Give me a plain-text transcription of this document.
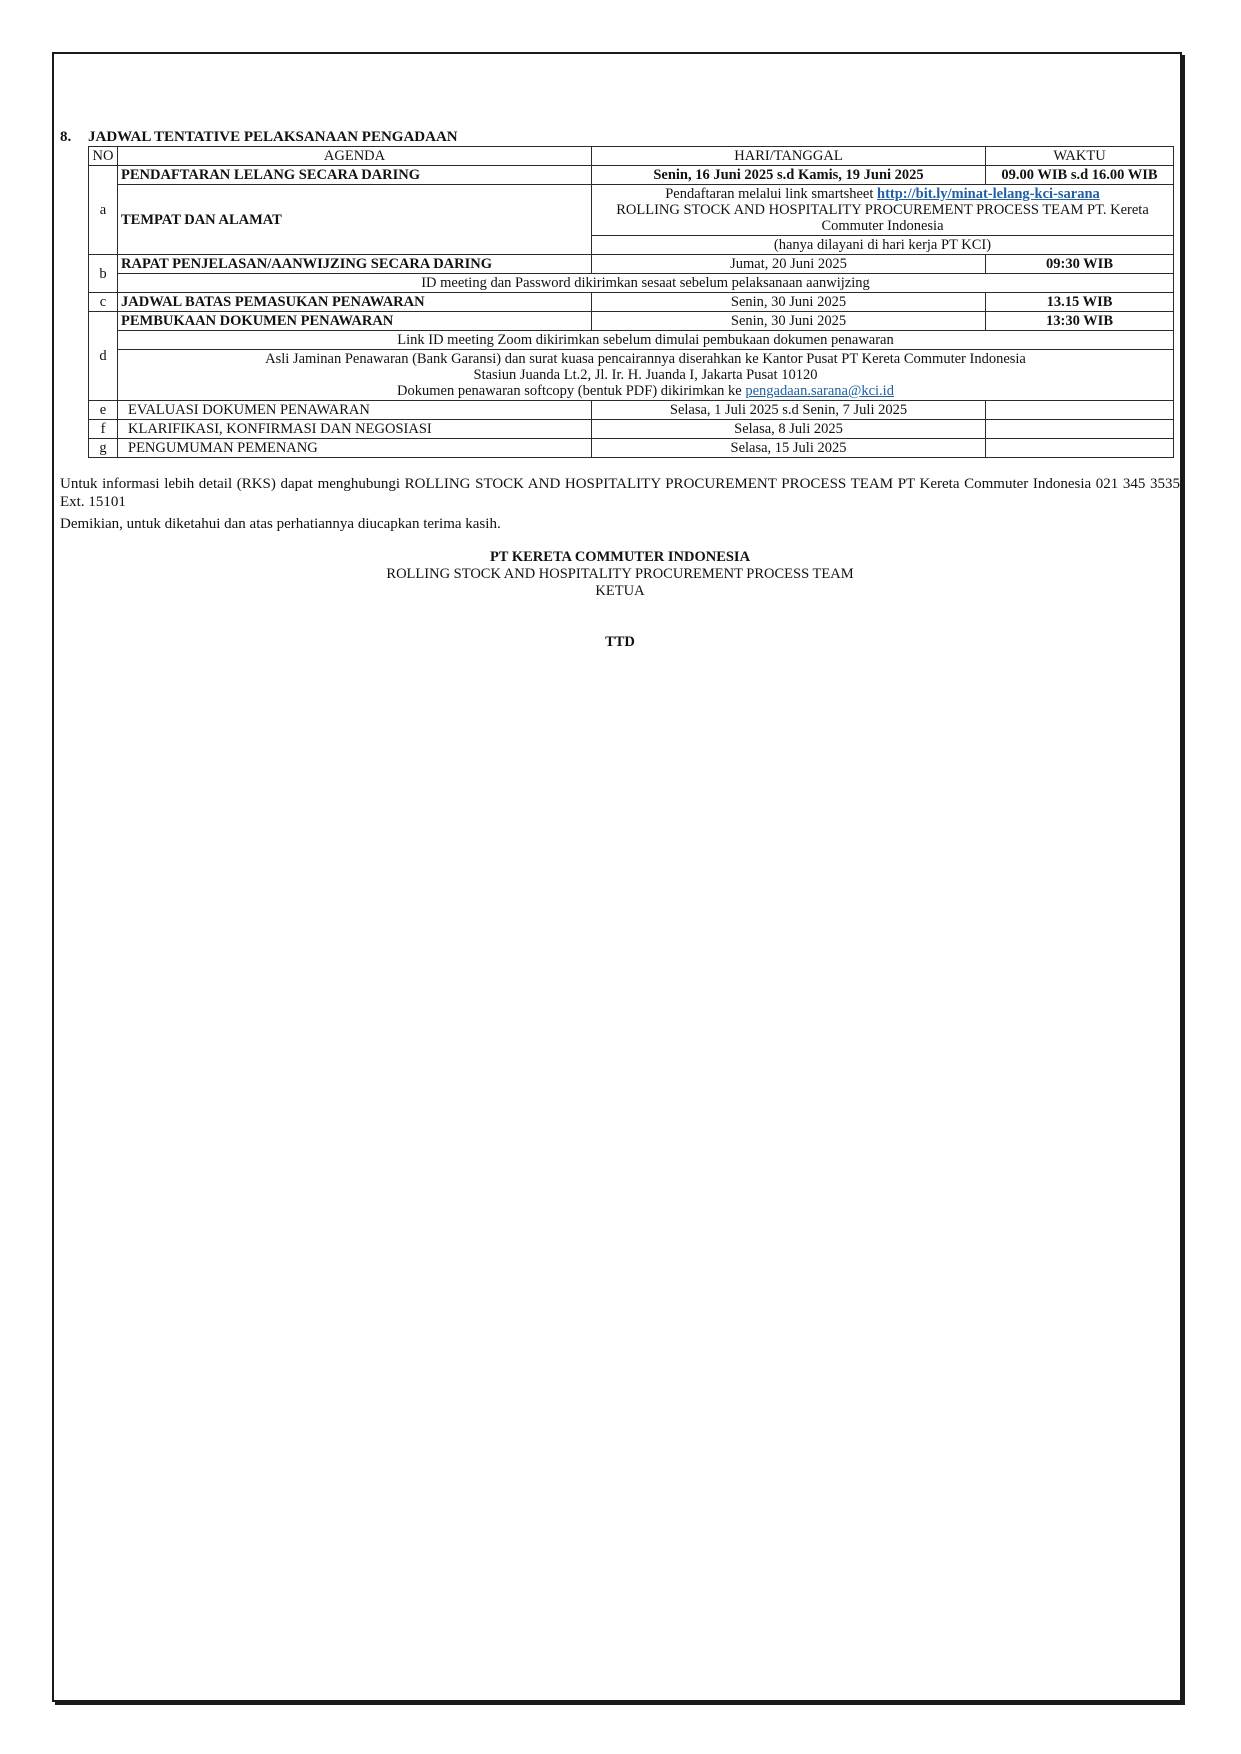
8. JADWAL TENTATIVE PELAKSANAAN PENGADAAN

NO	AGENDA	HARI/TANGGAL	WAKTU
a	PENDAFTARAN LELANG SECARA DARING	Senin, 16 Juni 2025 s.d Kamis, 19 Juni 2025	09.00 WIB s.d 16.00 WIB
	TEMPAT DAN ALAMAT	Pendaftaran melalui link smartsheet http://bit.ly/minat-lelang-kci-sarana
ROLLING STOCK AND HOSPITALITY PROCUREMENT PROCESS TEAM PT. Kereta Commuter Indonesia	
		(hanya dilayani di hari kerja PT KCI)	
b	RAPAT PENJELASAN/AANWIJZING SECARA DARING	Jumat, 20 Juni 2025	09:30 WIB
	ID meeting dan Password dikirimkan sesaat sebelum pelaksanaan aanwijzing		
c	JADWAL BATAS PEMASUKAN PENAWARAN	Senin, 30 Juni 2025	13.15 WIB
d	PEMBUKAAN DOKUMEN PENAWARAN	Senin, 30 Juni 2025	13:30 WIB
	Link ID meeting Zoom dikirimkan sebelum dimulai pembukaan dokumen penawaran		
	Asli Jaminan Penawaran (Bank Garansi) dan surat kuasa pencairannya diserahkan ke Kantor Pusat PT Kereta Commuter Indonesia
Stasiun Juanda Lt.2, Jl. Ir. H. Juanda I, Jakarta Pusat 10120
Dokumen penawaran softcopy (bentuk PDF) dikirimkan ke pengadaan.sarana@kci.id		
e	EVALUASI DOKUMEN PENAWARAN	Selasa, 1 Juli 2025 s.d Senin, 7 Juli 2025	
f	KLARIFIKASI, KONFIRMASI DAN NEGOSIASI	Selasa, 8 Juli 2025	
g	PENGUMUMAN PEMENANG	Selasa, 15 Juli 2025	

Untuk informasi lebih detail (RKS) dapat menghubungi ROLLING STOCK AND HOSPITALITY PROCUREMENT PROCESS TEAM PT Kereta Commuter Indonesia 021 345 3535 Ext. 15101

Demikian, untuk diketahui dan atas perhatiannya diucapkan terima kasih.

PT KERETA COMMUTER INDONESIA
ROLLING STOCK AND HOSPITALITY PROCUREMENT PROCESS TEAM
KETUA
TTD
